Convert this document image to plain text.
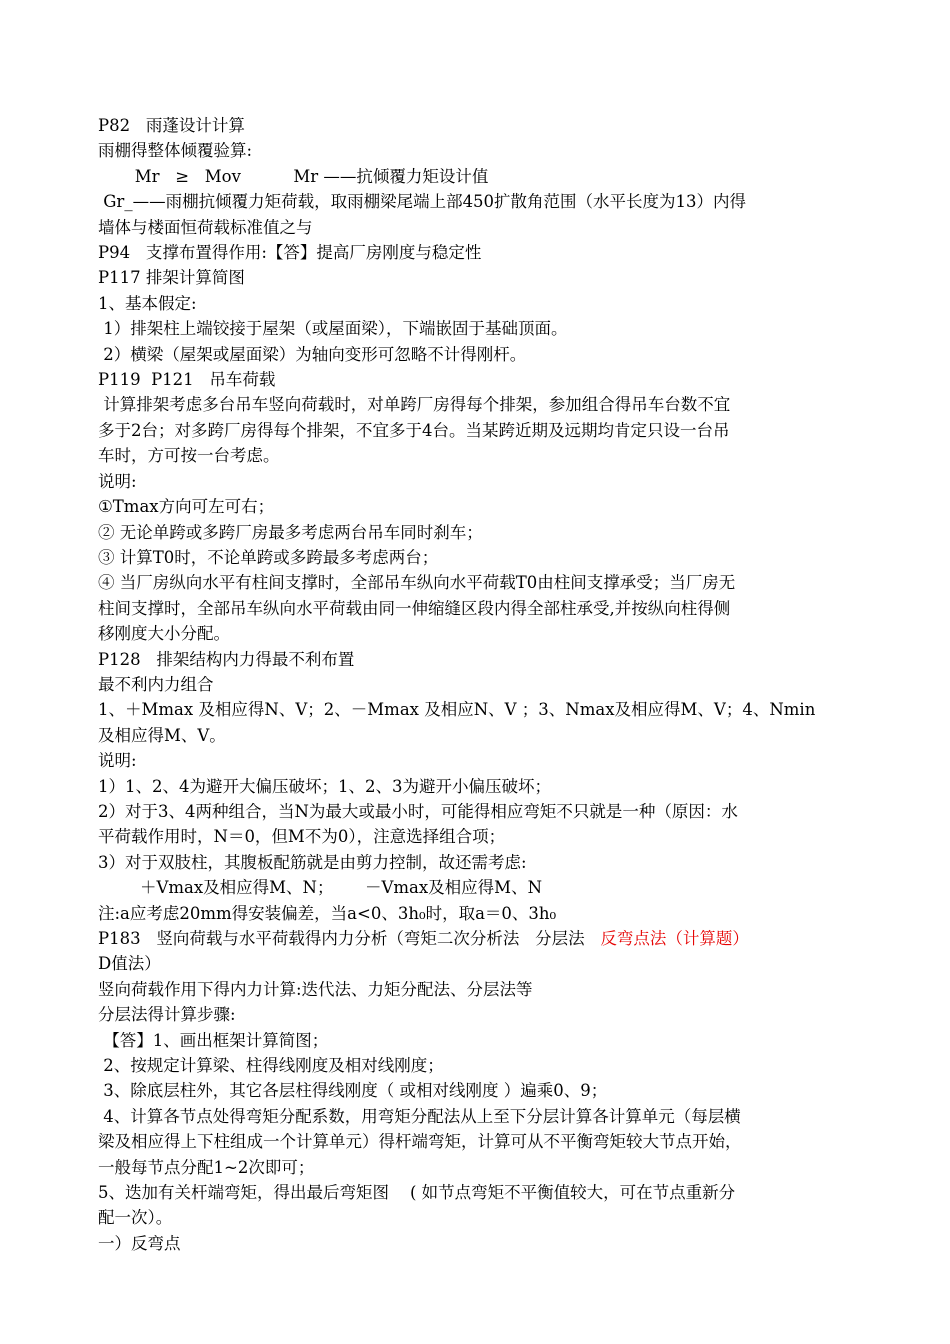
P82   雨蓬设计计算

雨棚得整体倾覆验算:

Mr   ≥   Mov          Mr ——抗倾覆力矩设计值

Gr_——雨棚抗倾覆力矩荷载，取雨棚梁尾端上部450扩散角范围（水平长度为13）内得

墙体与楼面恒荷载标准值之与

P94   支撑布置得作用:【答】提高厂房刚度与稳定性

P117 排架计算简图

1、基本假定:

1）排架柱上端铰接于屋架（或屋面梁），下端嵌固于基础顶面。

2）横梁（屋架或屋面梁）为轴向变形可忽略不计得刚杆。

P119  P121   吊车荷载

计算排架考虑多台吊车竖向荷载时，对单跨厂房得每个排架，参加组合得吊车台数不宜

多于2台；对多跨厂房得每个排架，不宜多于4台。当某跨近期及远期均肯定只设一台吊

车时，方可按一台考虑。

说明:

①Tmax方向可左可右；

② 无论单跨或多跨厂房最多考虑两台吊车同时刹车；

③ 计算T0时，不论单跨或多跨最多考虑两台；

④ 当厂房纵向水平有柱间支撑时，全部吊车纵向水平荷载T0由柱间支撑承受；当厂房无

柱间支撑时，全部吊车纵向水平荷载由同一伸缩缝区段内得全部柱承受,并按纵向柱得侧

移刚度大小分配。

P128   排架结构内力得最不利布置

最不利内力组合

1、＋Mmax 及相应得N、V；2、－Mmax 及相应N、V ；3、Nmax及相应得M、V；4、Nmin

及相应得M、V。

说明:

1）1、2、4为避开大偏压破坏；1、2、3为避开小偏压破坏；

2）对于3、4两种组合，当N为最大或最小时，可能得相应弯矩不只就是一种（原因：水

平荷载作用时，N＝0，但M不为0），注意选择组合项；

3）对于双肢柱，其腹板配筋就是由剪力控制，故还需考虑:

＋Vmax及相应得M、N；      －Vmax及相应得M、N

注:a应考虑20mm得安装偏差，当a<0、3h₀时，取a＝0、3h₀

P183   竖向荷载与水平荷载得内力分析（弯矩二次分析法   分层法   反弯点法（计算题）

D值法）

竖向荷载作用下得内力计算:迭代法、力矩分配法、分层法等

分层法得计算步骤:

【答】1、画出框架计算简图；

2、按规定计算梁、柱得线刚度及相对线刚度；

3、除底层柱外，其它各层柱得线刚度（ 或相对线刚度 ）遍乘0、9；

4、计算各节点处得弯矩分配系数，用弯矩分配法从上至下分层计算各计算单元（每层横

梁及相应得上下柱组成一个计算单元）得杆端弯矩，计算可从不平衡弯矩较大节点开始，

一般每节点分配1~2次即可；

5、迭加有关杆端弯矩，得出最后弯矩图    ( 如节点弯矩不平衡值较大，可在节点重新分

配一次）。

一）反弯点
